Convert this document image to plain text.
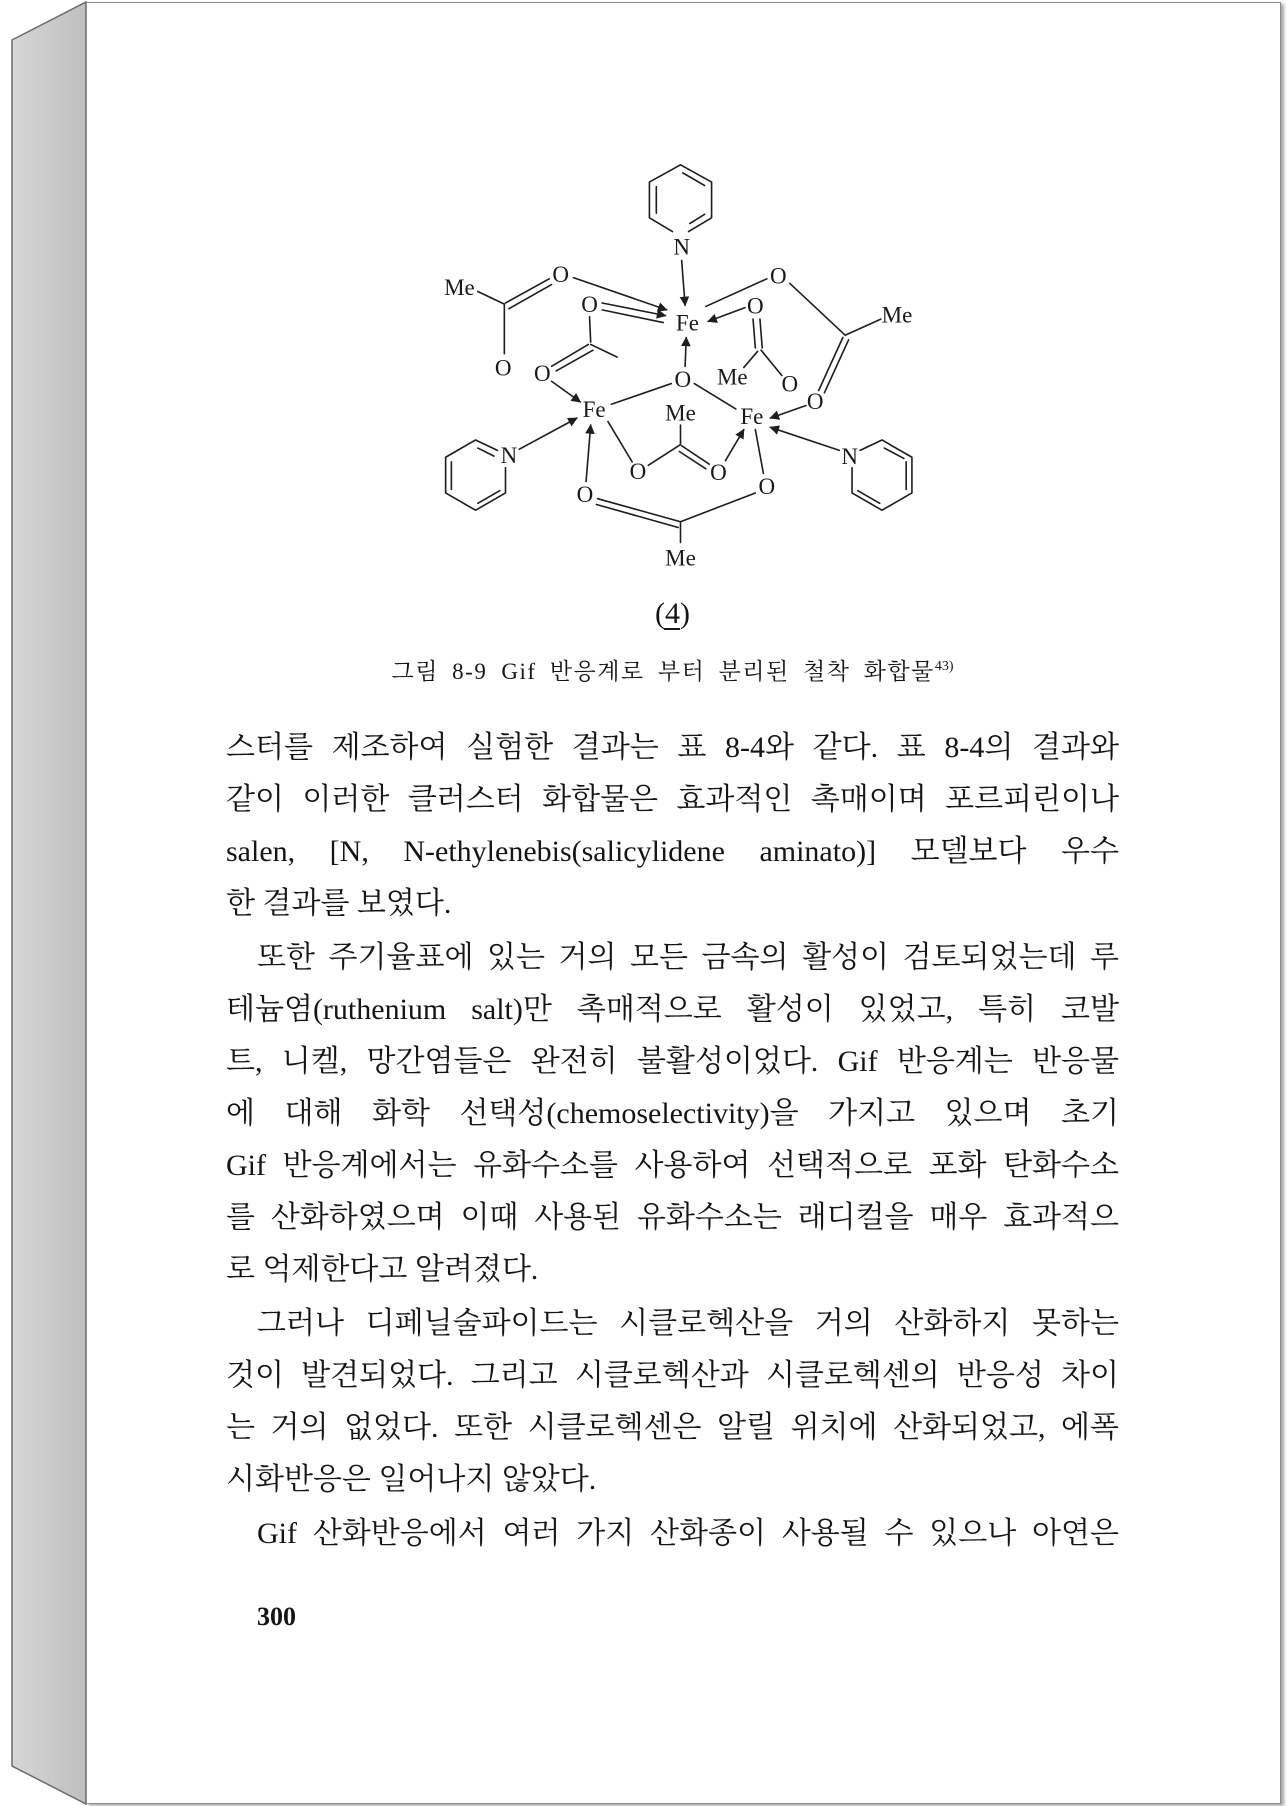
Fe
Fe	Fe
N
N	N
O
O	O
O
O O	O	O
O
O	O
O	O
Me
Me
Me
Me
Me
(4)
그림 8-9 Gif 반응계로 부터 분리된 철착 화합물$^{43)}$
스터를 제조하여 실험한 결과는 표 8-4와 같다. 표 8-4의 결과와
같이 이러한 클러스터 화합물은 효과적인 촉매이며 포르피린이나
salen, [N, N-ethylenebis(salicylidene aminato)] 모델보다 우수
한 결과를 보였다.
또한 주기율표에 있는 거의 모든 금속의 활성이 검토되었는데 루
테늄염(ruthenium salt)만 촉매적으로 활성이 있었고, 특히 코발
트, 니켈, 망간염들은 완전히 불활성이었다. Gif 반응계는 반응물
에 대해 화학 선택성(chemoselectivity)을 가지고 있으며 초기
Gif 반응계에서는 유화수소를 사용하여 선택적으로 포화 탄화수소
를 산화하였으며 이때 사용된 유화수소는 래디컬을 매우 효과적으
로 억제한다고 알려졌다.
그러나 디페닐술파이드는 시클로헥산을 거의 산화하지 못하는
것이 발견되었다. 그리고 시클로헥산과 시클로헥센의 반응성 차이
는 거의 없었다. 또한 시클로헥센은 알릴 위치에 산화되었고, 에폭
시화반응은 일어나지 않았다.
Gif 산화반응에서 여러 가지 산화종이 사용될 수 있으나 아연은
300
